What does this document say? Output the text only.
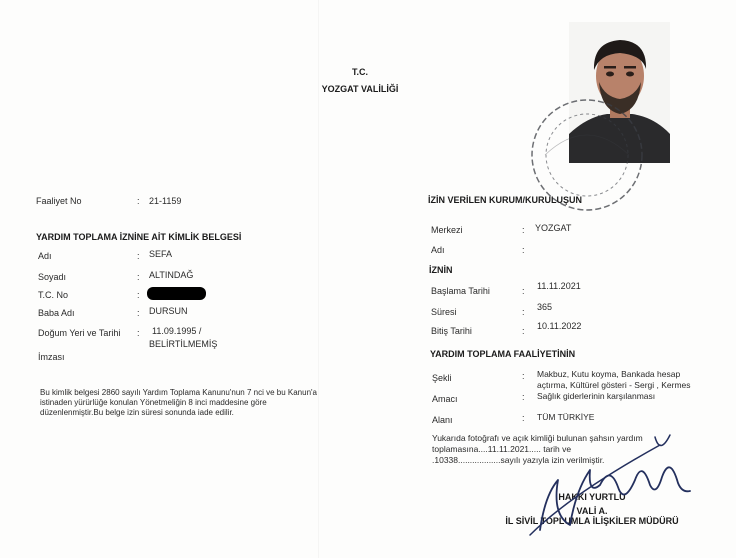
T.C.
YOZGAT VALİLİĞİ
Faaliyet No	: 21-1159
YARDIM TOPLAMA İZNİNE AİT KİMLİK BELGESİ
Adı	: SEFA
Soyadı	: ALTINDAĞ
T.C. No	:
Baba Adı	: DURSUN
Doğum Yeri ve Tarihi : 11.09.1995 /
BELİRTİLMEMİŞ
İmzası
Bu kimlik belgesi 2860 sayılı Yardım Toplama Kanunu'nun 7 nci ve bu Kanun'a
istinaden yürürlüğe konulan Yönetmeliğin 8 inci maddesine göre
düzenlenmiştir.Bu belge izin süresi sonunda iade edilir.
İZİN VERİLEN KURUM/KURULUŞUN
Merkezi	: YOZGAT
Adı	:
İZNİN
Başlama Tarihi	: 11.11.2021
Süresi	: 365
Bitiş Tarihi	: 10.11.2022
YARDIM TOPLAMA FAALİYETİNİN
Şekli	: Makbuz, Kutu koyma, Bankada hesap
açtırma, Kültürel gösteri - Sergi , Kermes
Amacı	: Sağlık giderlerinin karşılanması
Alanı	: TÜM TÜRKİYE
Yukarıda fotoğrafı ve açık kimliği bulunan şahsın yardım
toplamasına....11.11.2021..... tarih ve
.10338..................sayılı yazıyla izin verilmiştir.
HAKKI YURTLU
VALİ A.
İL SİVİL TOPLUMLA İLİŞKİLER MÜDÜRÜ
